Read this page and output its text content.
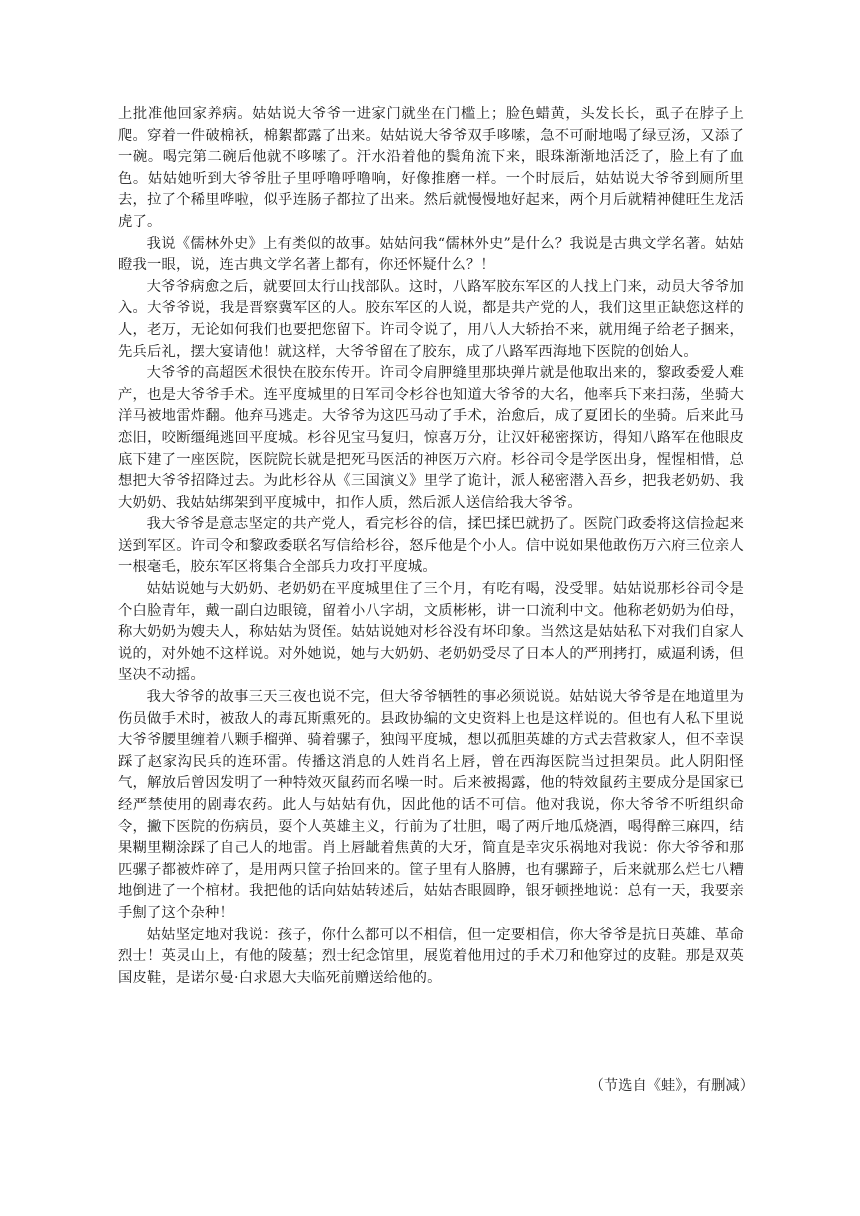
上批准他回家养病。姑姑说大爷爷一进家门就坐在门槛上；脸色蜡黄，头发长长，虱子在脖子上爬。穿着一件破棉袄，棉絮都露了出来。姑姑说大爷爷双手哆嗦，急不可耐地喝了绿豆汤，又添了一碗。喝完第二碗后他就不哆嗦了。汗水沿着他的鬓角流下来，眼珠渐渐地活泛了，脸上有了血色。姑姑她听到大爷爷肚子里呼噜呼噜响，好像推磨一样。一个时辰后，姑姑说大爷爷到厕所里去，拉了个稀里哗啦，似乎连肠子都拉了出来。然后就慢慢地好起来，两个月后就精神健旺生龙活虎了。

我说《儒林外史》上有类似的故事。姑姑问我“儒林外史”是什么？我说是古典文学名著。姑姑瞪我一眼，说，连古典文学名著上都有，你还怀疑什么？！

大爷爷病愈之后，就要回太行山找部队。这时，八路军胶东军区的人找上门来，动员大爷爷加入。大爷爷说，我是晋察冀军区的人。胶东军区的人说，都是共产党的人，我们这里正缺您这样的人，老万，无论如何我们也要把您留下。许司令说了，用八人大轿抬不来，就用绳子给老子捆来，先兵后礼，摆大宴请他！就这样，大爷爷留在了胶东，成了八路军西海地下医院的创始人。

大爷爷的高超医术很快在胶东传开。许司令肩胛缝里那块弹片就是他取出来的，黎政委爱人难产，也是大爷爷手术。连平度城里的日军司令杉谷也知道大爷爷的大名，他率兵下来扫荡，坐骑大洋马被地雷炸翻。他弃马逃走。大爷爷为这匹马动了手术，治愈后，成了夏团长的坐骑。后来此马恋旧，咬断缰绳逃回平度城。杉谷见宝马复归，惊喜万分，让汉奸秘密探访，得知八路军在他眼皮底下建了一座医院，医院院长就是把死马医活的神医万六府。杉谷司令是学医出身，惺惺相惜，总想把大爷爷招降过去。为此杉谷从《三国演义》里学了诡计，派人秘密潜入吾乡，把我老奶奶、我大奶奶、我姑姑绑架到平度城中，扣作人质，然后派人送信给我大爷爷。

我大爷爷是意志坚定的共产党人，看完杉谷的信，揉巴揉巴就扔了。医院门政委将这信捡起来送到军区。许司令和黎政委联名写信给杉谷，怒斥他是个小人。信中说如果他敢伤万六府三位亲人一根毫毛，胶东军区将集合全部兵力攻打平度城。

姑姑说她与大奶奶、老奶奶在平度城里住了三个月，有吃有喝，没受罪。姑姑说那杉谷司令是个白脸青年，戴一副白边眼镜，留着小八字胡，文质彬彬，讲一口流利中文。他称老奶奶为伯母，称大奶奶为嫂夫人，称姑姑为贤侄。姑姑说她对杉谷没有坏印象。当然这是姑姑私下对我们自家人说的，对外她不这样说。对外她说，她与大奶奶、老奶奶受尽了日本人的严刑拷打，威逼利诱，但坚决不动摇。

我大爷爷的故事三天三夜也说不完，但大爷爷牺牲的事必须说说。姑姑说大爷爷是在地道里为伤员做手术时，被敌人的毒瓦斯熏死的。县政协编的文史资料上也是这样说的。但也有人私下里说大爷爷腰里缠着八颗手榴弹、骑着骡子，独闯平度城，想以孤胆英雄的方式去营救家人，但不幸误踩了赵家沟民兵的连环雷。传播这消息的人姓肖名上唇，曾在西海医院当过担架员。此人阴阳怪气，解放后曾因发明了一种特效灭鼠药而名噪一时。后来被揭露，他的特效鼠药主要成分是国家已经严禁使用的剧毒农药。此人与姑姑有仇，因此他的话不可信。他对我说，你大爷爷不听组织命令，撇下医院的伤病员，耍个人英雄主义，行前为了壮胆，喝了两斤地瓜烧酒，喝得醉三麻四，结果糊里糊涂踩了自己人的地雷。肖上唇龇着焦黄的大牙，简直是幸灾乐祸地对我说：你大爷爷和那匹骡子都被炸碎了，是用两只筐子抬回来的。筐子里有人胳膊，也有骡蹄子，后来就那么烂七八糟地倒进了一个棺材。我把他的话向姑姑转述后，姑姑杏眼圆睁，银牙顿挫地说：总有一天，我要亲手劁了这个杂种！

姑姑坚定地对我说：孩子，你什么都可以不相信，但一定要相信，你大爷爷是抗日英雄、革命烈士！英灵山上，有他的陵墓；烈士纪念馆里，展览着他用过的手术刀和他穿过的皮鞋。那是双英国皮鞋，是诺尔曼·白求恩大夫临死前赠送给他的。

（节选自《蛙》，有删减）
